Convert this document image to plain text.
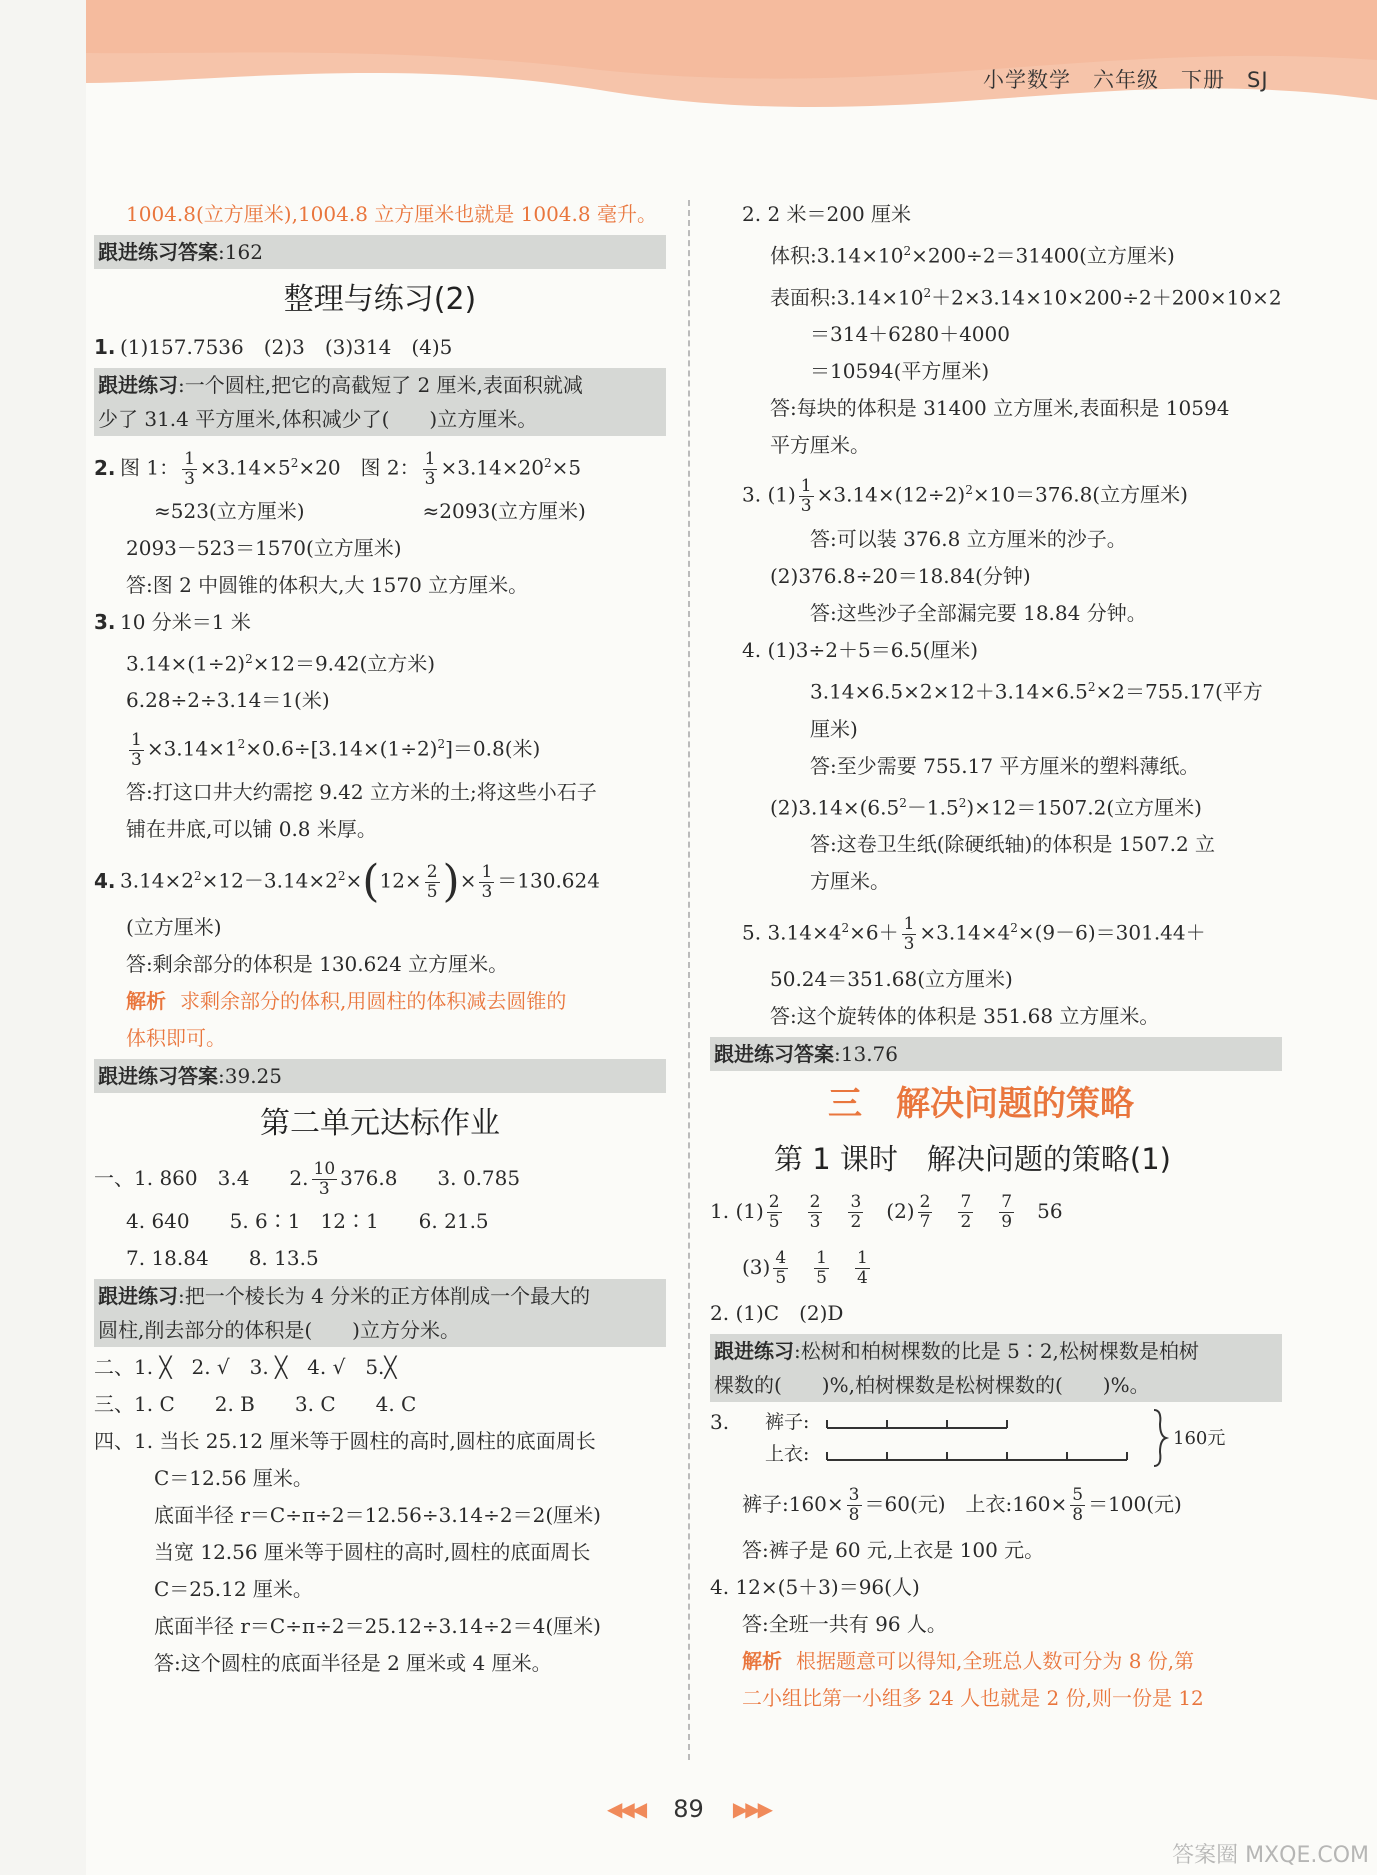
小学数学 六年级 下册 SJ
1004.8(立方厘米),1004.8 立方厘米也就是 1004.8 毫升。
跟进练习答案:162
整理与练习(2)
1. (1)157.7536　(2)3　(3)314　(4)5
跟进练习:一个圆柱,把它的高截短了 2 厘米,表面积就减
少了 31.4 平方厘米,体积减少了(　　)立方厘米。
2. 图 1： $\frac{1}{3} \times 3.14\times 5^2\times 20$　图 2： $\frac{1}{3} \times 3.14\times 20^2\times 5$
≈523(立方厘米)	≈2093(立方厘米)
2093－523＝1570(立方厘米)
答:图 2 中圆锥的体积大,大 1570 立方厘米。
3. 10 分米＝1 米
$3.14\times(1\div 2)^2\times 12=9.42$(立方米)
6.28÷2÷3.14＝1(米)
$\frac{1}{3} \times 3.14\times 1^2\times 0.6\div[3.14\times(1\div 2)^2]=0.8$(米)
答:打这口井大约需挖 9.42 立方米的土;将这些小石子
铺在井底,可以铺 0.8 米厚。
4. $3.14\times 2^2\times 12-3.14\times 2^2\times(12\times \frac{2}{5}$ )× $\frac{1}{3} =130.624$
(立方厘米)
答:剩余部分的体积是 130.624 立方厘米。
解析 求剩余部分的体积,用圆柱的体积减去圆锥的
体积即可。
跟进练习答案:39.25
第二单元达标作业
一、1. 860　3.4　　2. $\frac{10}{3} 376.8$　　3. 0.785
4. 640　　5. 6∶1　12∶1　　6. 21.5
7. 18.84　　8. 13.5
跟进练习:把一个棱长为 4 分米的正方体削成一个最大的
圆柱,削去部分的体积是(　　)立方分米。
二、1. ╳　2. √　3. ╳　4. √　5.╳
三、1. C　　2. B　　3. C　　4. C
四、1. 当长 25.12 厘米等于圆柱的高时,圆柱的底面周长
C＝12.56 厘米。
底面半径 r＝C÷π÷2＝12.56÷3.14÷2＝2(厘米)
当宽 12.56 厘米等于圆柱的高时,圆柱的底面周长
C＝25.12 厘米。
底面半径 r＝C÷π÷2＝25.12÷3.14÷2＝4(厘米)
答:这个圆柱的底面半径是 2 厘米或 4 厘米。
2. 2 米＝200 厘米
体积$:3.14\times 10^2\times 200\div 2=31400$(立方厘米)
表面积$:3.14\times 10^2+2\times 3.14\times 10\times 200\div 2+200\times 10\times 2$
＝314＋6280＋4000
＝10594(平方厘米)
答:每块的体积是 31400 立方厘米,表面积是 10594
平方厘米。
3. $(1) \frac{1}{3} \times 3.14\times(12\div 2)^2\times 10=376.8$(立方厘米)
答:可以装 376.8 立方厘米的沙子。
(2)376.8÷20＝18.84(分钟)
答:这些沙子全部漏完要 18.84 分钟。
4. (1)3÷2＋5＝6.5(厘米)
$3.14\times 6.5\times 2\times 12+3.14\times 6.5^2\times 2=755.17$(平方
厘米)
答:至少需要 755.17 平方厘米的塑料薄纸。
$(2)3.14\times(6.5^2-1.5^2)\times 12=1507.2$(立方厘米)
答:这卷卫生纸(除硬纸轴)的体积是 1507.2 立
方厘米。
5. $3.14\times 4^2\times 6+ \frac{1}{3} \times 3.14\times 4^2\times(9-6)=301.44+$
50.24＝351.68(立方厘米)
答:这个旋转体的体积是 351.68 立方厘米。
跟进练习答案:13.76
三　解决问题的策略
第 1 课时　解决问题的策略(1)
1. $(1) \frac{2}{5}$
　 $\frac{2}{3}$
　 $\frac{3}{2}$
　 $(2) \frac{2}{7}$
　 $\frac{7}{2}$
　 $\frac{7}{9}$
　 56
$(3) \frac{4}{5}$
　 $\frac{1}{5}$
　 $\frac{1}{4}$
2. (1)C　(2)D
跟进练习:松树和柏树棵数的比是 5∶2,松树棵数是柏树
棵数的(　　)%,柏树棵数是松树棵数的(　　)%。
3. 裤子:
上衣:
160元
裤子:160× $\frac{3}{8} =60$(元)　上衣:160× $\frac{5}{8} =100$(元)
答:裤子是 60 元,上衣是 100 元。
4. 12×(5＋3)＝96(人)
答:全班一共有 96 人。
解析 根据题意可以得知,全班总人数可分为 8 份,第
二小组比第一小组多 24 人也就是 2 份,则一份是 12
◀◀◀ 89 ▶▶▶
答案圈 MXQE.COM
